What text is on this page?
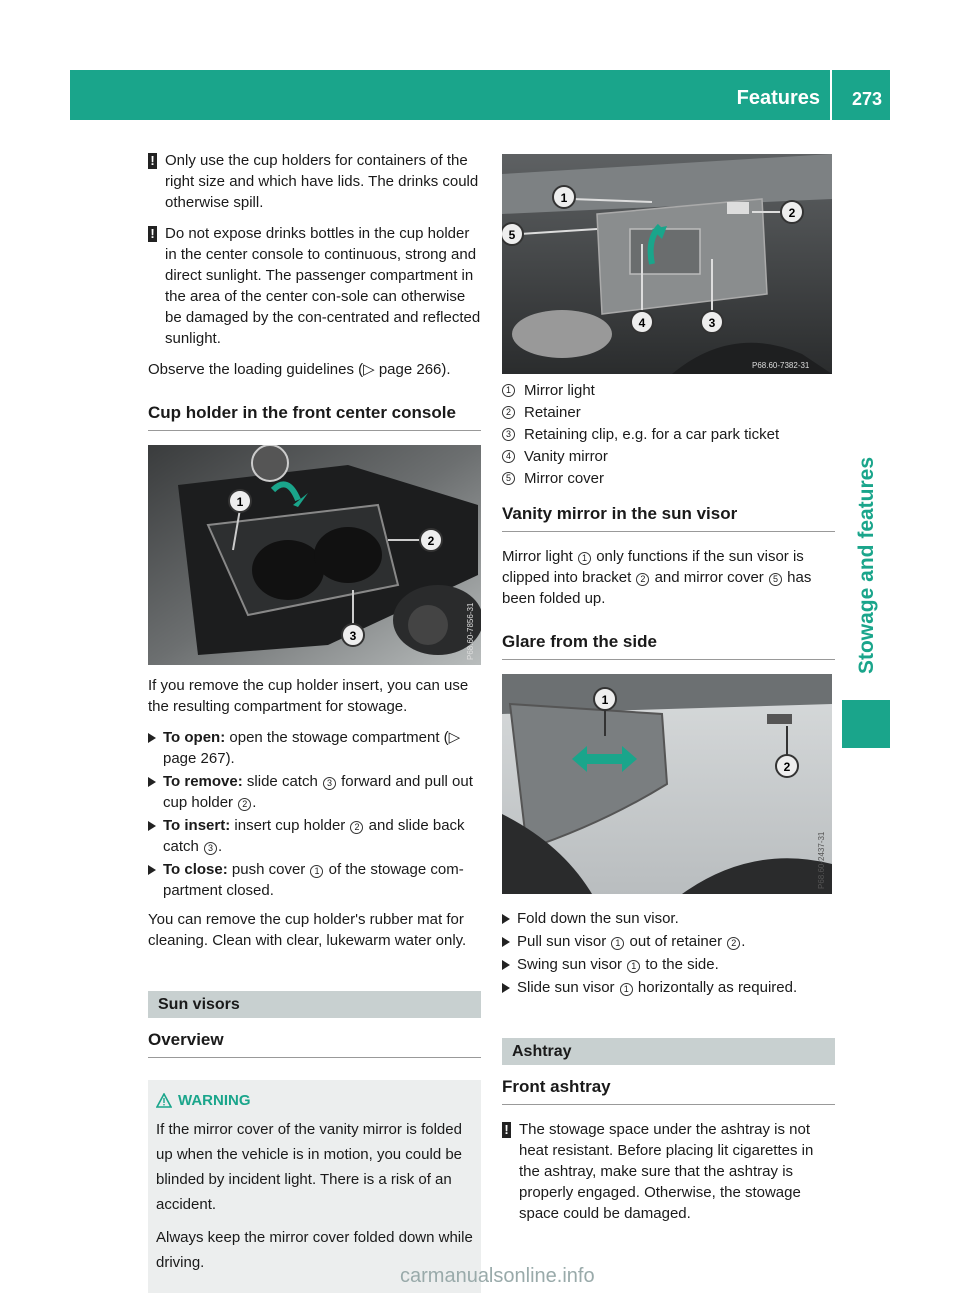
Features 273
Stowage and features
! Only use the cup holders for containers of the right size and which have lids. The drinks could otherwise spill.
! Do not expose drinks bottles in the cup holder in the center console to continuous, strong and direct sunlight. The passenger compartment in the area of the center con-sole can otherwise be damaged by the con-centrated and reflected sunlight.
Observe the loading guidelines (▷ page 266).
Cup holder in the front center console
1
2
3	P68.60-7856-31
If you remove the cup holder insert, you can use the resulting compartment for stowage.
To open: open the stowage compartment (▷ page 267).
To remove: slide catch 3 forward and pull out cup holder 2 .
To insert: insert cup holder 2 and slide back catch 3 .
To close: push cover 1 of the stowage com-partment closed.
You can remove the cup holder's rubber mat for cleaning. Clean with clear, lukewarm water only.
Sun visors
Overview
WARNING

If the mirror cover of the vanity mirror is folded up when the vehicle is in motion, you could be blinded by incident light. There is a risk of an accident.

Always keep the mirror cover folded down while driving.

1
2
5
4	3
P68.60-7382-31
1 Mirror light
2 Retainer
3 Retaining clip, e.g. for a car park ticket
4 Vanity mirror
5 Mirror cover
Vanity mirror in the sun visor
Mirror light 1 only functions if the sun visor is clipped into bracket 2 and mirror cover 5 has been folded up.
Glare from the side
1
2
P68.60-2437-31
Fold down the sun visor.
Pull sun visor 1 out of retainer 2 .
Swing sun visor 1 to the side.
Slide sun visor 1 horizontally as required.
Ashtray
Front ashtray
! The stowage space under the ashtray is not heat resistant. Before placing lit cigarettes in the ashtray, make sure that the ashtray is properly engaged. Otherwise, the stowage space could be damaged.
carmanualsonline.info
